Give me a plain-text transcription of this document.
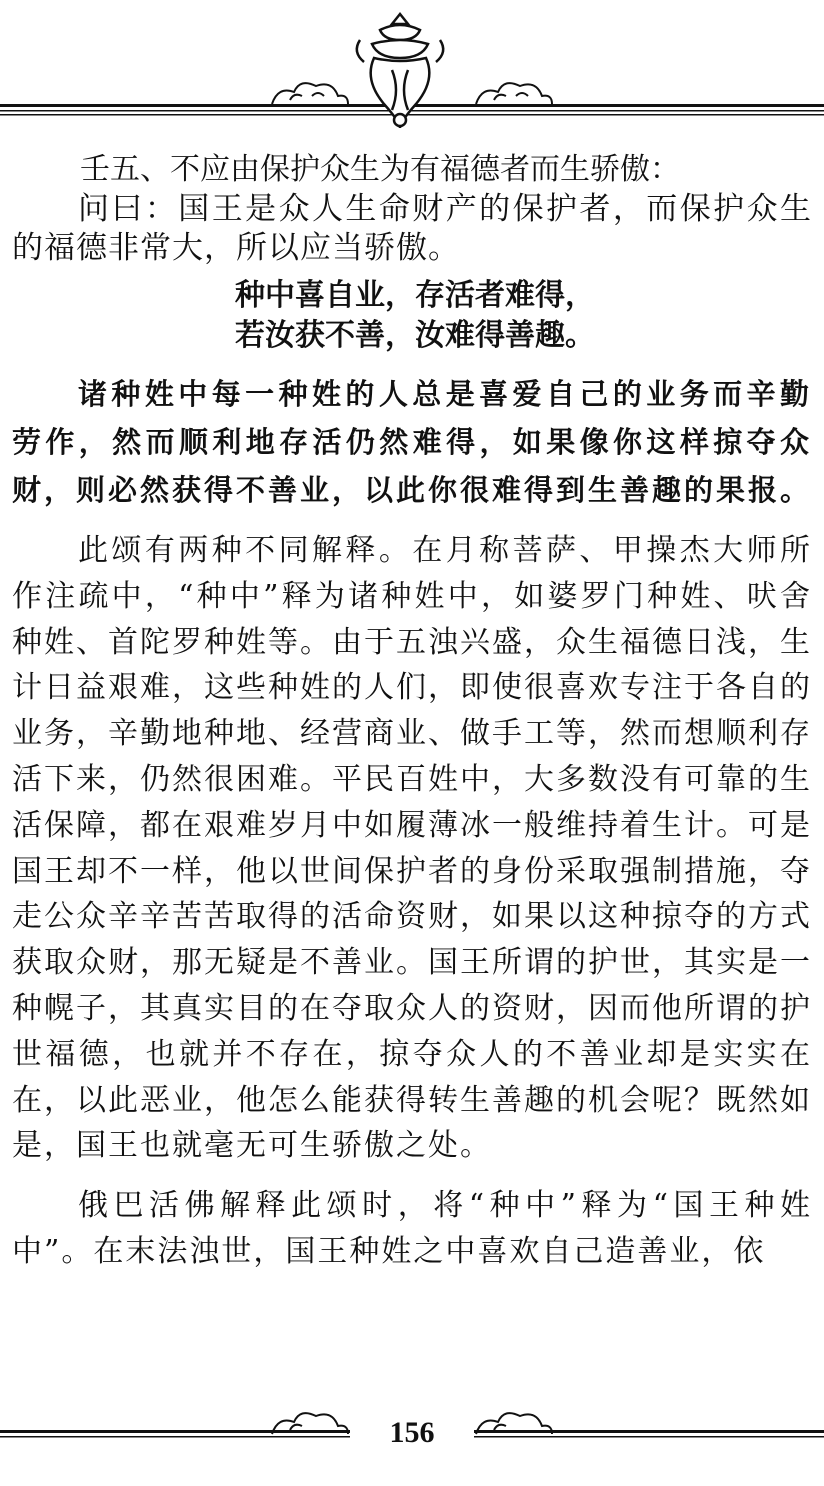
壬五、不应由保护众生为有福德者而生骄傲：

问曰：国王是众人生命财产的保护者，而保护众生的福德非常大，所以应当骄傲。

种中喜自业，存活者难得，
若汝获不善，汝难得善趣。

诸种姓中每一种姓的人总是喜爱自己的业务而辛勤劳作，然而顺利地存活仍然难得，如果像你这样掠夺众财，则必然获得不善业，以此你很难得到生善趣的果报。

此颂有两种不同解释。在月称菩萨、甲操杰大师所作注疏中，“种中”释为诸种姓中，如婆罗门种姓、吠舍种姓、首陀罗种姓等。由于五浊兴盛，众生福德日浅，生计日益艰难，这些种姓的人们，即使很喜欢专注于各自的业务，辛勤地种地、经营商业、做手工等，然而想顺利存活下来，仍然很困难。平民百姓中，大多数没有可靠的生活保障，都在艰难岁月中如履薄冰一般维持着生计。可是国王却不一样，他以世间保护者的身份采取强制措施，夺走公众辛辛苦苦取得的活命资财，如果以这种掠夺的方式获取众财，那无疑是不善业。国王所谓的护世，其实是一种幌子，其真实目的在夺取众人的资财，因而他所谓的护世福德，也就并不存在，掠夺众人的不善业却是实实在在，以此恶业，他怎么能获得转生善趣的机会呢？既然如是，国王也就毫无可生骄傲之处。

俄巴活佛解释此颂时，将“种中”释为“国王种姓中”。在末法浊世，国王种姓之中喜欢自己造善业，依

156
